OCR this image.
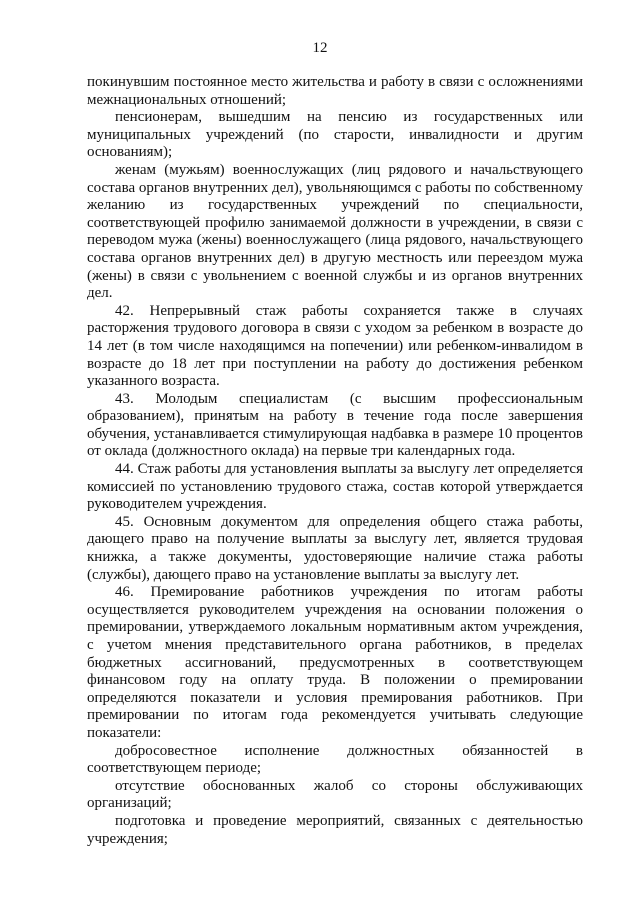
12

покинувшим постоянное место жительства и работу в связи с осложнениями межнациональных отношений;

пенсионерам, вышедшим на пенсию из государственных или муниципальных учреждений (по старости, инвалидности и другим основаниям);

женам (мужьям) военнослужащих (лиц рядового и начальствующего состава органов внутренних дел), увольняющимся с работы по собственному желанию из государственных учреждений по специальности, соответствующей профилю занимаемой должности в учреждении, в связи с переводом мужа (жены) военнослужащего (лица рядового, начальствующего состава органов внутренних дел) в другую местность или переездом мужа (жены) в связи с увольнением с военной службы и из органов внутренних дел.

42. Непрерывный стаж работы сохраняется также в случаях расторжения трудового договора в связи с уходом за ребенком в возрасте до 14 лет (в том числе находящимся на попечении) или ребенком-инвалидом в возрасте до 18 лет при поступлении на работу до достижения ребенком указанного возраста.

43. Молодым специалистам (с высшим профессиональным образованием), принятым на работу в течение года после завершения обучения, устанавливается стимулирующая надбавка в размере 10 процентов от оклада (должностного оклада) на первые три календарных года.

44. Стаж работы для установления выплаты за выслугу лет определяется комиссией по установлению трудового стажа, состав которой утверждается руководителем учреждения.

45. Основным документом для определения общего стажа работы, дающего право на получение выплаты за выслугу лет, является трудовая книжка, а также документы, удостоверяющие наличие стажа работы (службы), дающего право на установление выплаты за выслугу лет.

46. Премирование работников учреждения по итогам работы осуществляется руководителем учреждения на основании положения о премировании, утверждаемого локальным нормативным актом учреждения, с учетом мнения представительного органа работников, в пределах бюджетных ассигнований, предусмотренных в соответствующем финансовом году на оплату труда. В положении о премировании определяются показатели и условия премирования работников. При премировании по итогам года рекомендуется учитывать следующие показатели:

добросовестное исполнение должностных обязанностей в соответствующем периоде;

отсутствие обоснованных жалоб со стороны обслуживающих организаций;

подготовка и проведение мероприятий, связанных с деятельностью учреждения;
